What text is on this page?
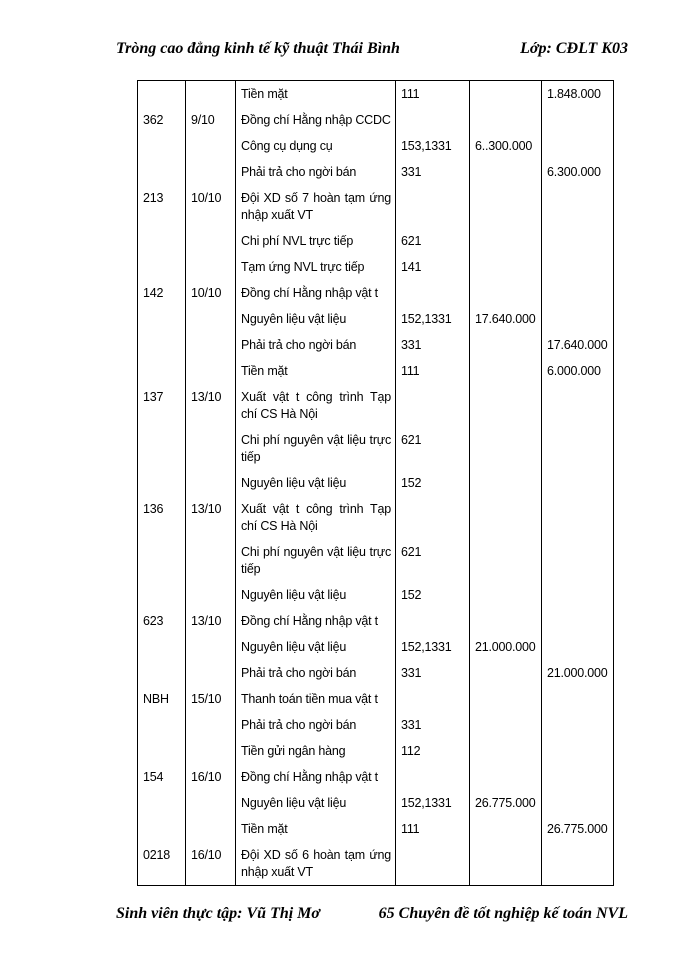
Tròng cao đẳng kinh tế kỹ thuật Thái Bình	Lớp: CĐLT K03
		Tiền mặt	111		1.848.000
362	9/10	Đồng chí Hằng nhập CCDC			
		Công cụ dụng cụ	153,1331	6..300.000	
		Phải trả cho ngời bán	331		6.300.000
213	10/10	Đội XD số 7 hoàn tạm ứng nhập xuất VT			
		Chi phí NVL trực tiếp	621		
		Tạm ứng NVL trực tiếp	141		
142	10/10	Đồng chí Hằng nhập vật t			
		Nguyên liệu vật liệu	152,1331	17.640.000	
		Phải trả cho ngời bán	331		17.640.000
		Tiền mặt	111		6.000.000
137	13/10	Xuất vật t công trình Tạp chí CS Hà Nội			
		Chi phí nguyên vật liệu trực tiếp	621		
		Nguyên liệu vật liệu	152		
136	13/10	Xuất vật t công trình Tạp chí CS Hà Nội			
		Chi phí nguyên vật liệu trực tiếp	621		
		Nguyên liệu vật liệu	152		
623	13/10	Đồng chí Hằng nhập vật t			
		Nguyên liệu vật liệu	152,1331	21.000.000	
		Phải trả cho ngời bán	331		21.000.000
NBH	15/10	Thanh toán tiền mua vật t			
		Phải trả cho ngời bán	331		
		Tiền gửi ngân hàng	112		
154	16/10	Đồng chí Hằng nhập vật t			
		Nguyên liệu vật liệu	152,1331	26.775.000	
		Tiền mặt	111		26.775.000
0218	16/10	Đội XD số 6 hoàn tạm ứng nhập xuất VT			
Sinh viên thực tập: Vũ Thị Mơ	65 Chuyên đề tốt nghiệp kế toán NVL
